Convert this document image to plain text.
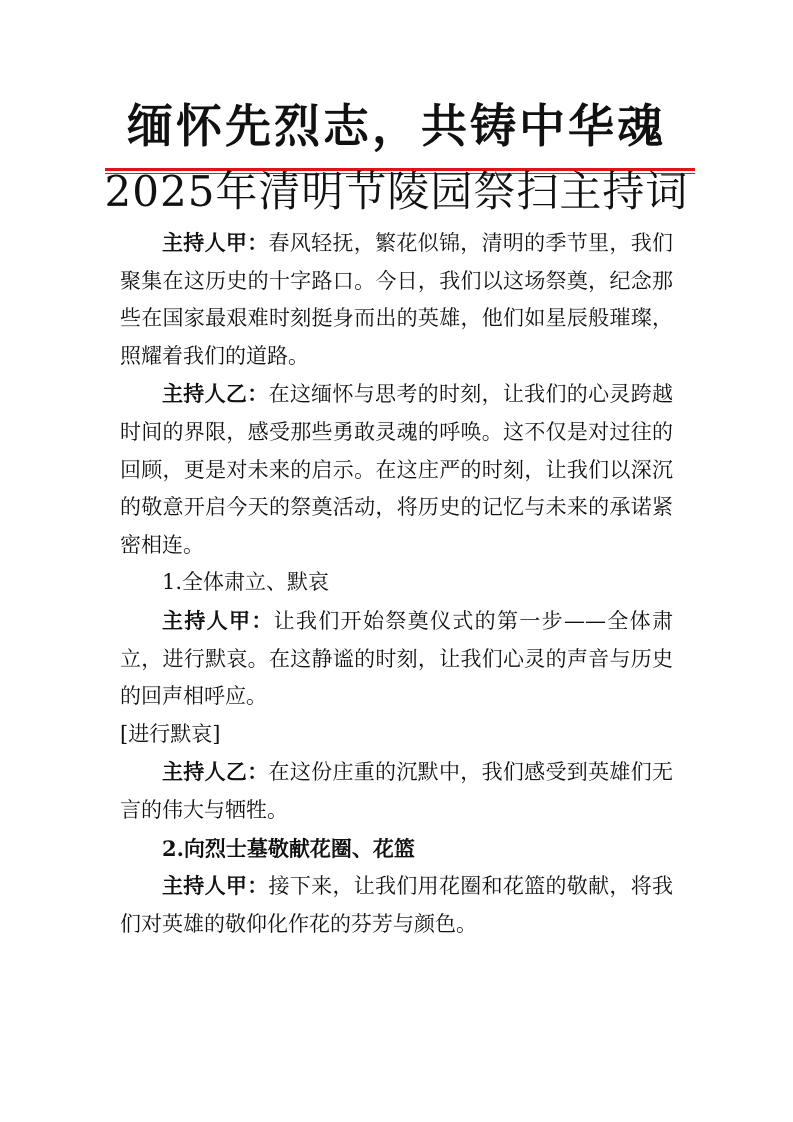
缅怀先烈志，共铸中华魂
2025年清明节陵园祭扫主持词

主持人甲：春风轻抚，繁花似锦，清明的季节里，我们聚集在这历史的十字路口。今日，我们以这场祭奠，纪念那些在国家最艰难时刻挺身而出的英雄，他们如星辰般璀璨，照耀着我们的道路。

主持人乙：在这缅怀与思考的时刻，让我们的心灵跨越时间的界限，感受那些勇敢灵魂的呼唤。这不仅是对过往的回顾，更是对未来的启示。在这庄严的时刻，让我们以深沉的敬意开启今天的祭奠活动，将历史的记忆与未来的承诺紧密相连。

1.全体肃立、默哀

主持人甲：让我们开始祭奠仪式的第一步——全体肃立，进行默哀。在这静谧的时刻，让我们心灵的声音与历史的回声相呼应。

[进行默哀]

主持人乙：在这份庄重的沉默中，我们感受到英雄们无言的伟大与牺牲。

2.向烈士墓敬献花圈、花篮

主持人甲：接下来，让我们用花圈和花篮的敬献，将我们对英雄的敬仰化作花的芬芳与颜色。
